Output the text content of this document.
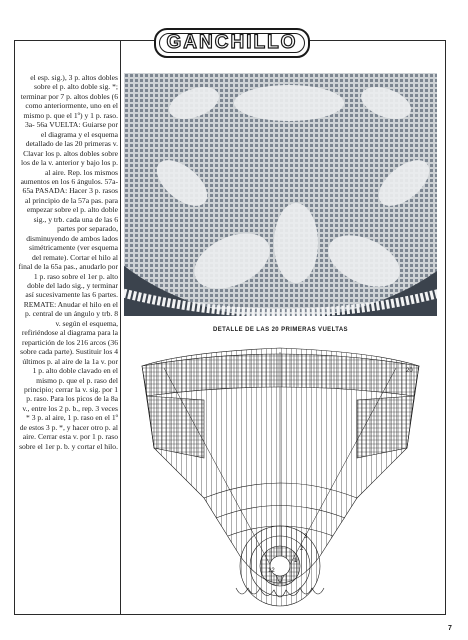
GANCHILLO

el esp. sig.), 3 p. altos dobles sobre el p. alto doble sig. *; terminar por 7 p. altos dobles (6 como anteriormente, uno en el mismo p. que el 1º) y 1 p. raso. 3a- 56a VUELTA: Guiarse por el diagrama y el esquema detallado de las 20 primeras v. Clavar los p. altos dobles sobre los de la v. anterior y bajo los p. al aire. Rep. los mismos aumentos en los 6 ángulos. 57a- 65a PASADA: Hacer 3 p. rasos al principio de la 57a pas. para empezar sobre el p. alto doble sig., y trb. cada una de las 6 partes por separado, disminuyendo de ambos lados simétricamente (ver esquema del remate). Cortar el hilo al final de la 65a pas., anudarlo por 1 p. raso sobre el 1er p. alto doble del lado sig., y terminar así sucesivamente las 6 partes.

REMATE: Anudar el hilo en el p. central de un ángulo y trb. 8 v. según el esquema, refiriéndose al diagrama para la repartición de los 216 arcos (36 sobre cada parte). Sustituir los 4 últimos p. al aire de la 1a v. por 1 p. alto doble clavado en el mismo p. que el p. raso del principio; cerrar la v. sig. por 1 p. raso. Para los picos de la 8a v., entre los 2 p. b., rep. 3 veces * 3 p. al aire, 1 p. raso en el 1º de estos 3 p. *, y hacer otro p. al aire. Cerrar esta v. por 1 p. raso sobre el 1er p. b. y cortar el hilo.

DETALLE DE LAS 20 PRIMERAS VUELTAS
1
2
3
12
20
7
